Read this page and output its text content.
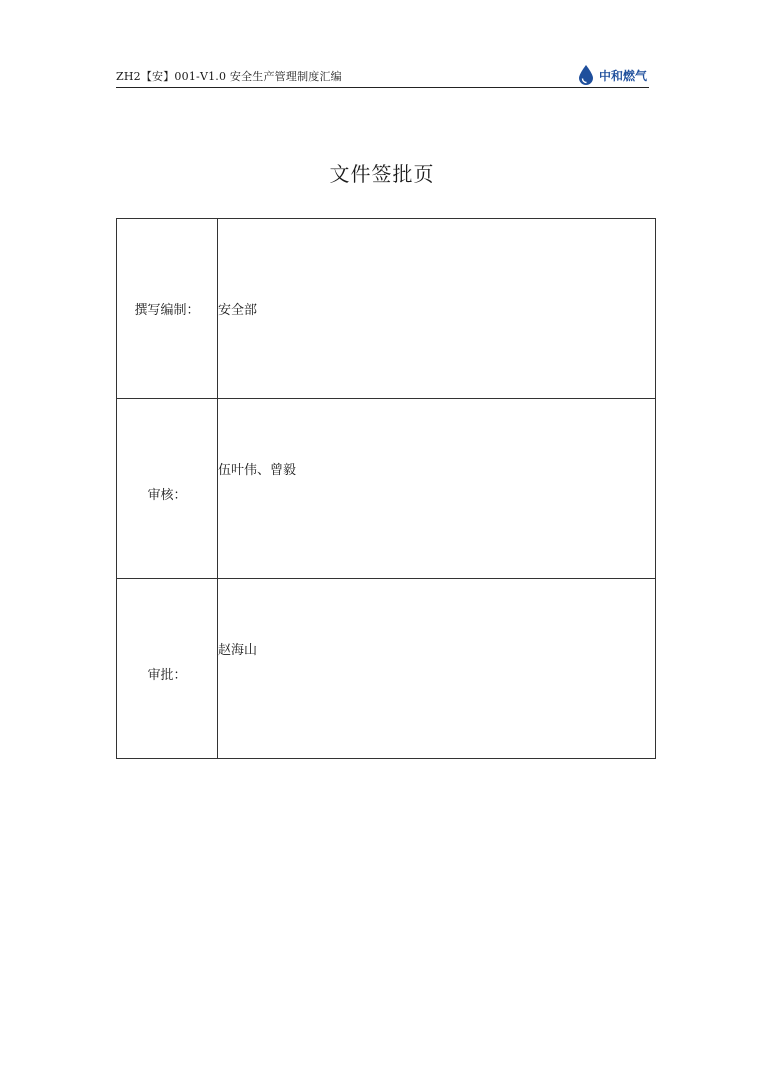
ZH2【安】001-V1.0 安全生产管理制度汇编	中和燃气
文件签批页
撰写编制：	安全部

审核：	伍叶伟、曾毅

审批：	赵海山
